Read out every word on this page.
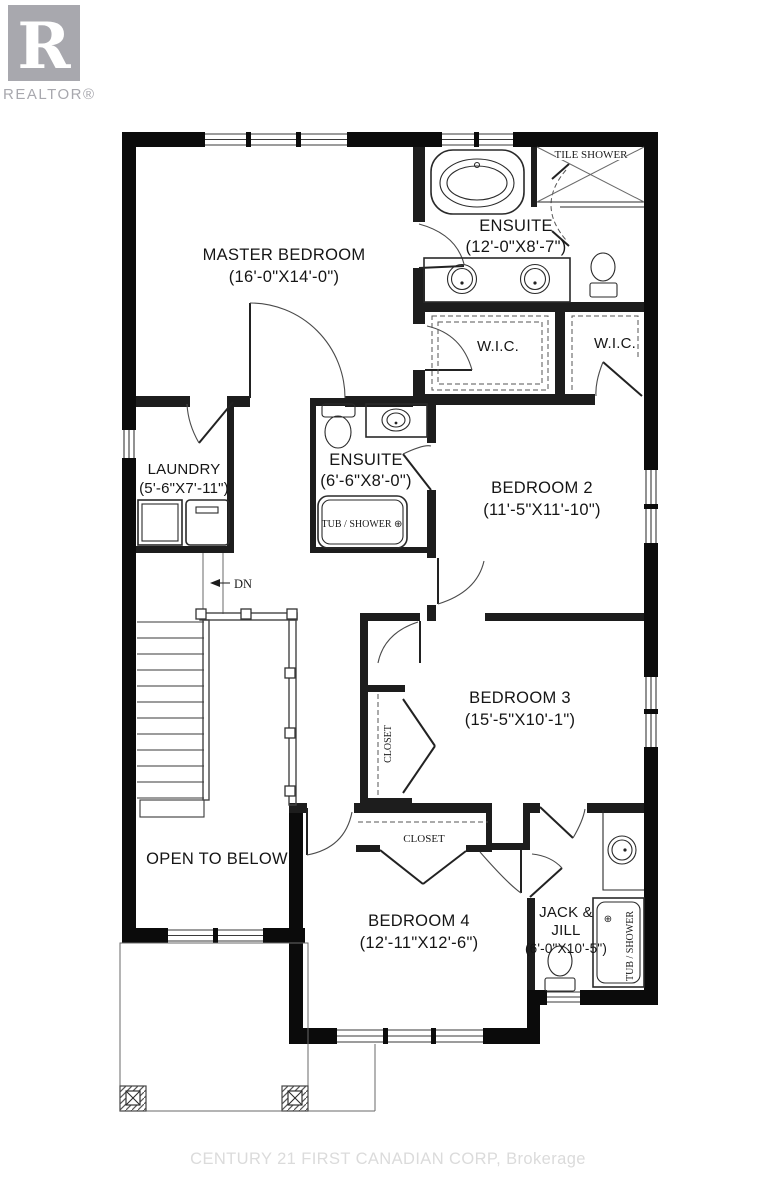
R
REALTOR®
DN
MASTER BEDROOM
(16'-0"X14'-0")
ENSUITE
(12'-0"X8'-7")
TILE SHOWER
W.I.C.	W.I.C.
LAUNDRY
(5'-6"X7'-11")
ENSUITE
(6'-6"X8'-0")
TUB / SHOWER ⊕
BEDROOM 2
(11'-5"X11'-10")
BEDROOM 3
(15'-5"X10'-1")
CLOSET
OPEN TO BELOW
BEDROOM 4
(12'-11"X12'-6")
CLOSET
JACK &
JILL
(6'-0"X10'-5") TUB / SHOWER
⊕
CENTURY 21 FIRST CANADIAN CORP, Brokerage
